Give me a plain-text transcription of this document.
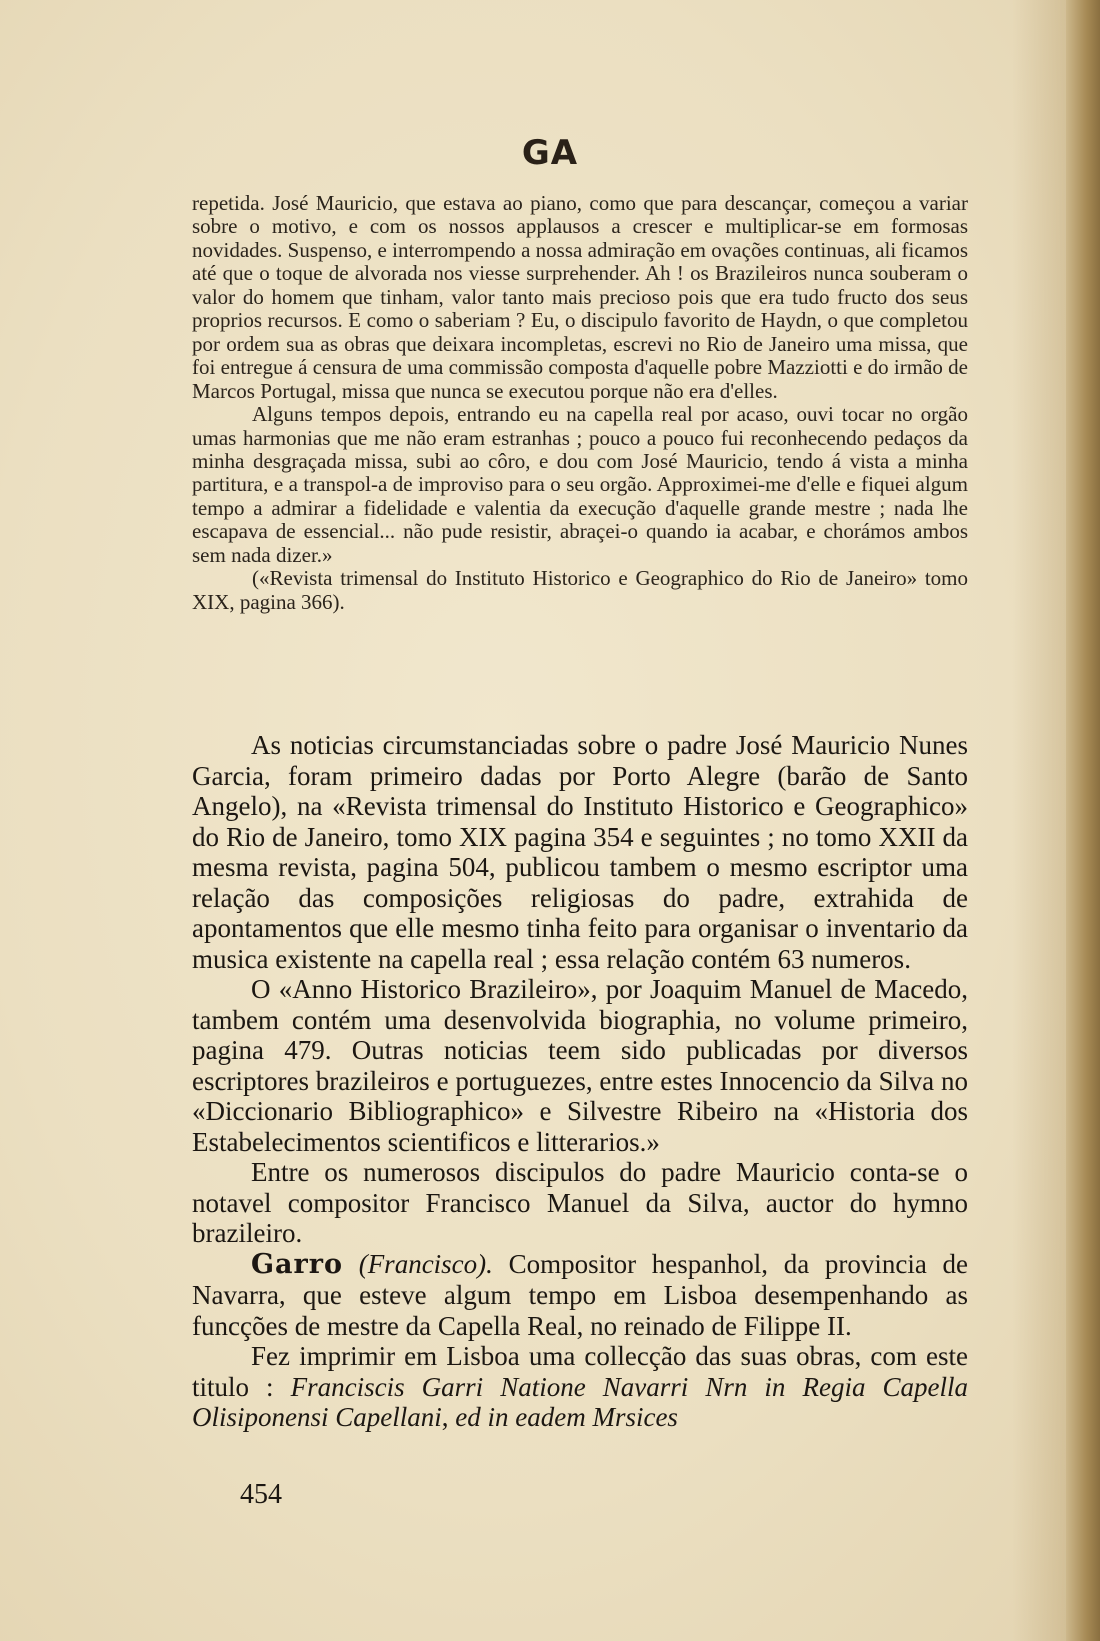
GA

repetida. José Mauricio, que estava ao piano, como que para descançar, começou a variar sobre o motivo, e com os nossos applausos a crescer e multiplicar-se em formosas novidades. Suspenso, e interrompendo a nossa admiração em ovações continuas, ali ficamos até que o toque de alvorada nos viesse surprehender. Ah ! os Brazileiros nunca souberam o valor do homem que tinham, valor tanto mais precioso pois que era tudo fructo dos seus proprios recursos. E como o saberiam ? Eu, o discipulo favorito de Haydn, o que completou por ordem sua as obras que deixara incompletas, escrevi no Rio de Janeiro uma missa, que foi entregue á censura de uma commissão composta d'aquelle pobre Mazziotti e do irmão de Marcos Portugal, missa que nunca se executou porque não era d'elles.

Alguns tempos depois, entrando eu na capella real por acaso, ouvi tocar no orgão umas harmonias que me não eram estranhas ; pouco a pouco fui reconhecendo pedaços da minha desgraçada missa, subi ao côro, e dou com José Mauricio, tendo á vista a minha partitura, e a transpol-a de improviso para o seu orgão. Approximei-me d'elle e fiquei algum tempo a admirar a fidelidade e valentia da execução d'aquelle grande mestre ; nada lhe escapava de essencial... não pude resistir, abraçei-o quando ia acabar, e chorámos ambos sem nada dizer.»

(«Revista trimensal do Instituto Historico e Geographico do Rio de Janeiro» tomo XIX, pagina 366).

As noticias circumstanciadas sobre o padre José Mauricio Nunes Garcia, foram primeiro dadas por Porto Alegre (barão de Santo Angelo), na «Revista trimensal do Instituto Historico e Geographico» do Rio de Janeiro, tomo XIX pagina 354 e seguintes ; no tomo XXII da mesma revista, pagina 504, publicou tambem o mesmo escriptor uma relação das composições religiosas do padre, extrahida de apontamentos que elle mesmo tinha feito para organisar o inventario da musica existente na capella real ; essa relação contém 63 numeros.

O «Anno Historico Brazileiro», por Joaquim Manuel de Macedo, tambem contém uma desenvolvida biographia, no volume primeiro, pagina 479. Outras noticias teem sido publicadas por diversos escriptores brazileiros e portuguezes, entre estes Innocencio da Silva no «Diccionario Bibliographico» e Silvestre Ribeiro na «Historia dos Estabelecimentos scientificos e litterarios.»

Entre os numerosos discipulos do padre Mauricio conta-se o notavel compositor Francisco Manuel da Silva, auctor do hymno brazileiro.

Garro (Francisco). Compositor hespanhol, da provincia de Navarra, que esteve algum tempo em Lisboa desempenhando as funcções de mestre da Capella Real, no reinado de Filippe II.

Fez imprimir em Lisboa uma collecção das suas obras, com este titulo : Franciscis Garri Natione Navarri Nrn in Regia Capella Olisiponensi Capellani, ed in eadem Mrsices

454
